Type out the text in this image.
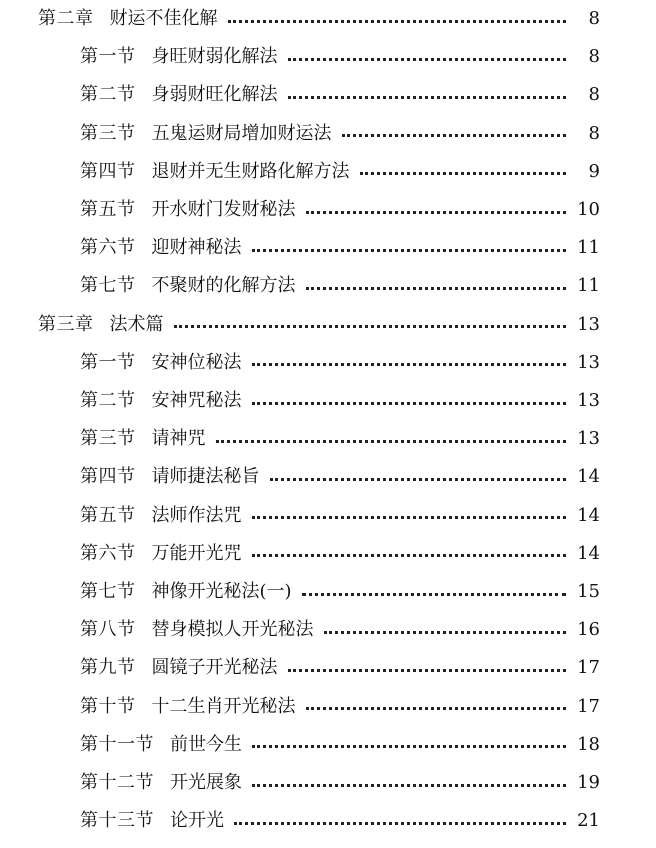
第二章 财运不佳化解	8
第一节 身旺财弱化解法	8
第二节 身弱财旺化解法	8
第三节 五鬼运财局增加财运法	8
第四节 退财并无生财路化解方法	9
第五节 开水财门发财秘法	10
第六节 迎财神秘法	11
第七节 不聚财的化解方法	11
第三章 法术篇	13
第一节 安神位秘法	13
第二节 安神咒秘法	13
第三节 请神咒	13
第四节 请师捷法秘旨	14
第五节 法师作法咒	14
第六节 万能开光咒	14
第七节 神像开光秘法(一)	15
第八节 替身模拟人开光秘法	16
第九节 圆镜子开光秘法	17
第十节 十二生肖开光秘法	17
第十一节 前世今生	18
第十二节 开光展象	19
第十三节 论开光	21
